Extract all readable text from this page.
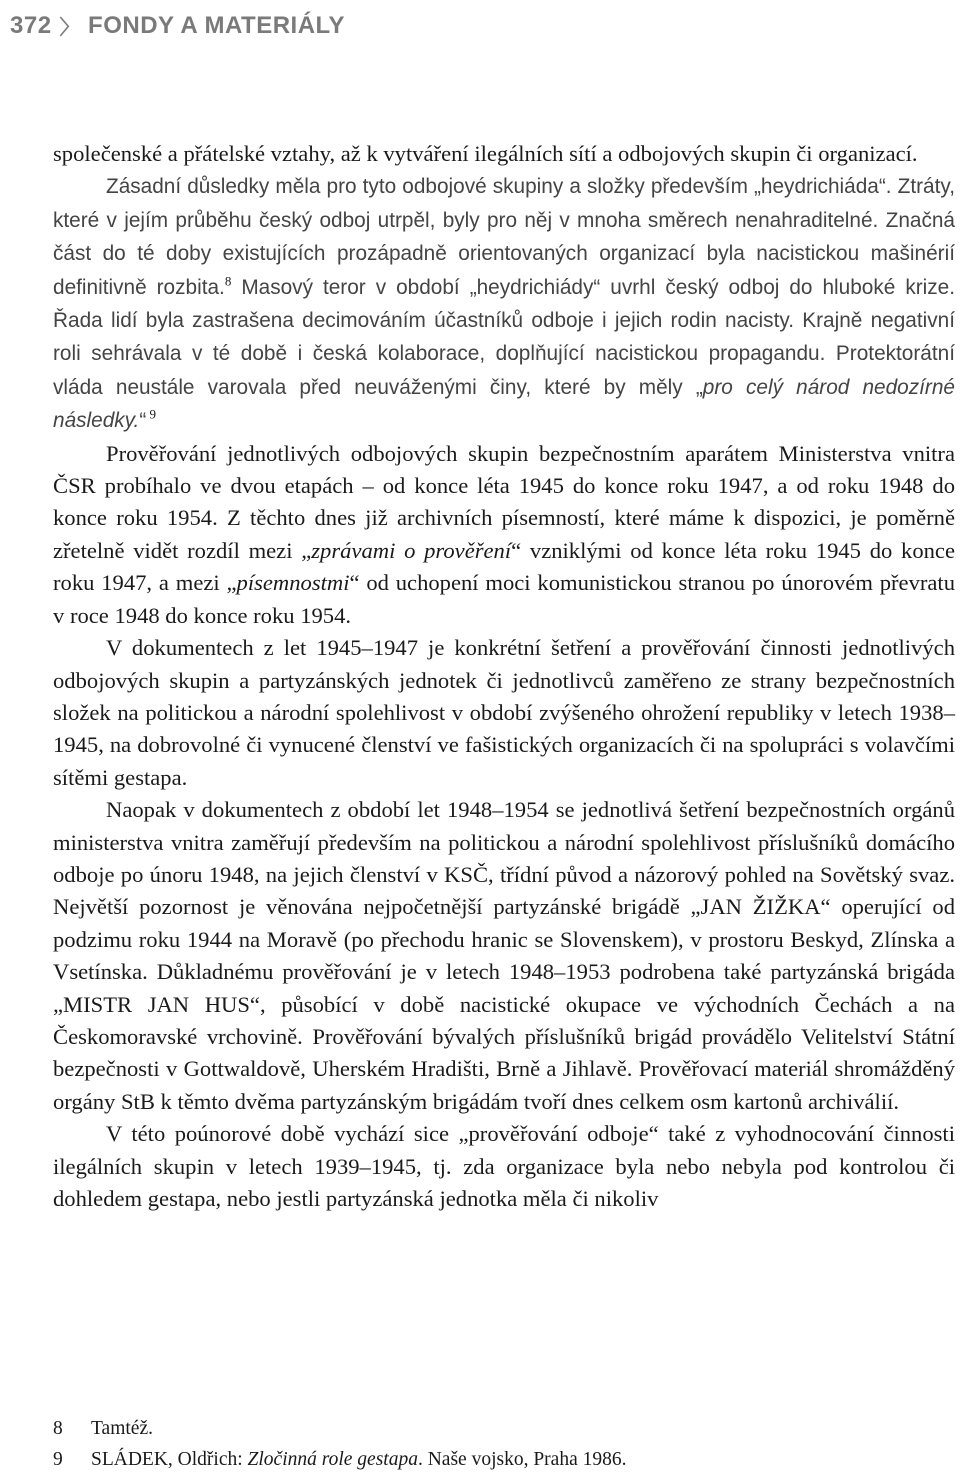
372 〉 FONDY A MATERIÁLY

společenské a přátelské vztahy, až k vytváření ilegálních sítí a odbojových skupin či organizací.

Zásadní důsledky měla pro tyto odbojové skupiny a složky především „heydrichiáda“. Ztráty, které v jejím průběhu český odboj utrpěl, byly pro něj v mnoha směrech nenahraditelné. Značná část do té doby existujících prozápadně orientovaných organizací byla nacistickou mašinérií definitivně rozbita.$^8$ Masový teror v období „heydrichiády“ uvrhl český odboj do hluboké krize. Řada lidí byla zastrašena decimováním účastníků odboje i jejich rodin nacisty. Krajně negativní roli sehrávala v té době i česká kolaborace, doplňující nacistickou propagandu. Protektorátní vláda neustále varovala před neuváženými činy, které by měly „pro celý národ nedozírné následky.“ $^9$

Prověřování jednotlivých odbojových skupin bezpečnostním aparátem Ministerstva vnitra ČSR probíhalo ve dvou etapách – od konce léta 1945 do konce roku 1947, a od roku 1948 do konce roku 1954. Z těchto dnes již archivních písemností, které máme k dispozici, je poměrně zřetelně vidět rozdíl mezi „zprávami o prověření“ vzniklými od konce léta roku 1945 do konce roku 1947, a mezi „písemnostmi“ od uchopení moci komunistickou stranou po únorovém převratu v roce 1948 do konce roku 1954.

V dokumentech z let 1945–1947 je konkrétní šetření a prověřování činnosti jednotlivých odbojových skupin a partyzánských jednotek či jednotlivců zaměřeno ze strany bezpečnostních složek na politickou a národní spolehlivost v období zvýšeného ohrožení republiky v letech 1938–1945, na dobrovolné či vynucené členství ve fašistických organizacích či na spolupráci s volavčími sítěmi gestapa.

Naopak v dokumentech z období let 1948–1954 se jednotlivá šetření bezpečnostních orgánů ministerstva vnitra zaměřují především na politickou a národní spolehlivost příslušníků domácího odboje po únoru 1948, na jejich členství v KSČ, třídní původ a názorový pohled na Sovětský svaz. Největší pozornost je věnována nejpočetnější partyzánské brigádě „JAN ŽIŽKA“ operující od podzimu roku 1944 na Moravě (po přechodu hranic se Slovenskem), v prostoru Beskyd, Zlínska a Vsetínska. Důkladnému prověřování je v letech 1948–1953 podrobena také partyzánská brigáda „MISTR JAN HUS“, působící v době nacistické okupace ve východních Čechách a na Českomoravské vrchovině. Prověřování bývalých příslušníků brigád provádělo Velitelství Státní bezpečnosti v Gottwaldově, Uherském Hradišti, Brně a Jihlavě. Prověřovací materiál shromážděný orgány StB k těmto dvěma partyzánským brigádám tvoří dnes celkem osm kartonů archiválií.

V této poúnorové době vychází sice „prověřování odboje“ také z vyhodnocování činnosti ilegálních skupin v letech 1939–1945, tj. zda organizace byla nebo nebyla pod kontrolou či dohledem gestapa, nebo jestli partyzánská jednotka měla či nikoliv

8	Tamtéž.
9	SLÁDEK, Oldřich: Zločinná role gestapa. Naše vojsko, Praha 1986.
